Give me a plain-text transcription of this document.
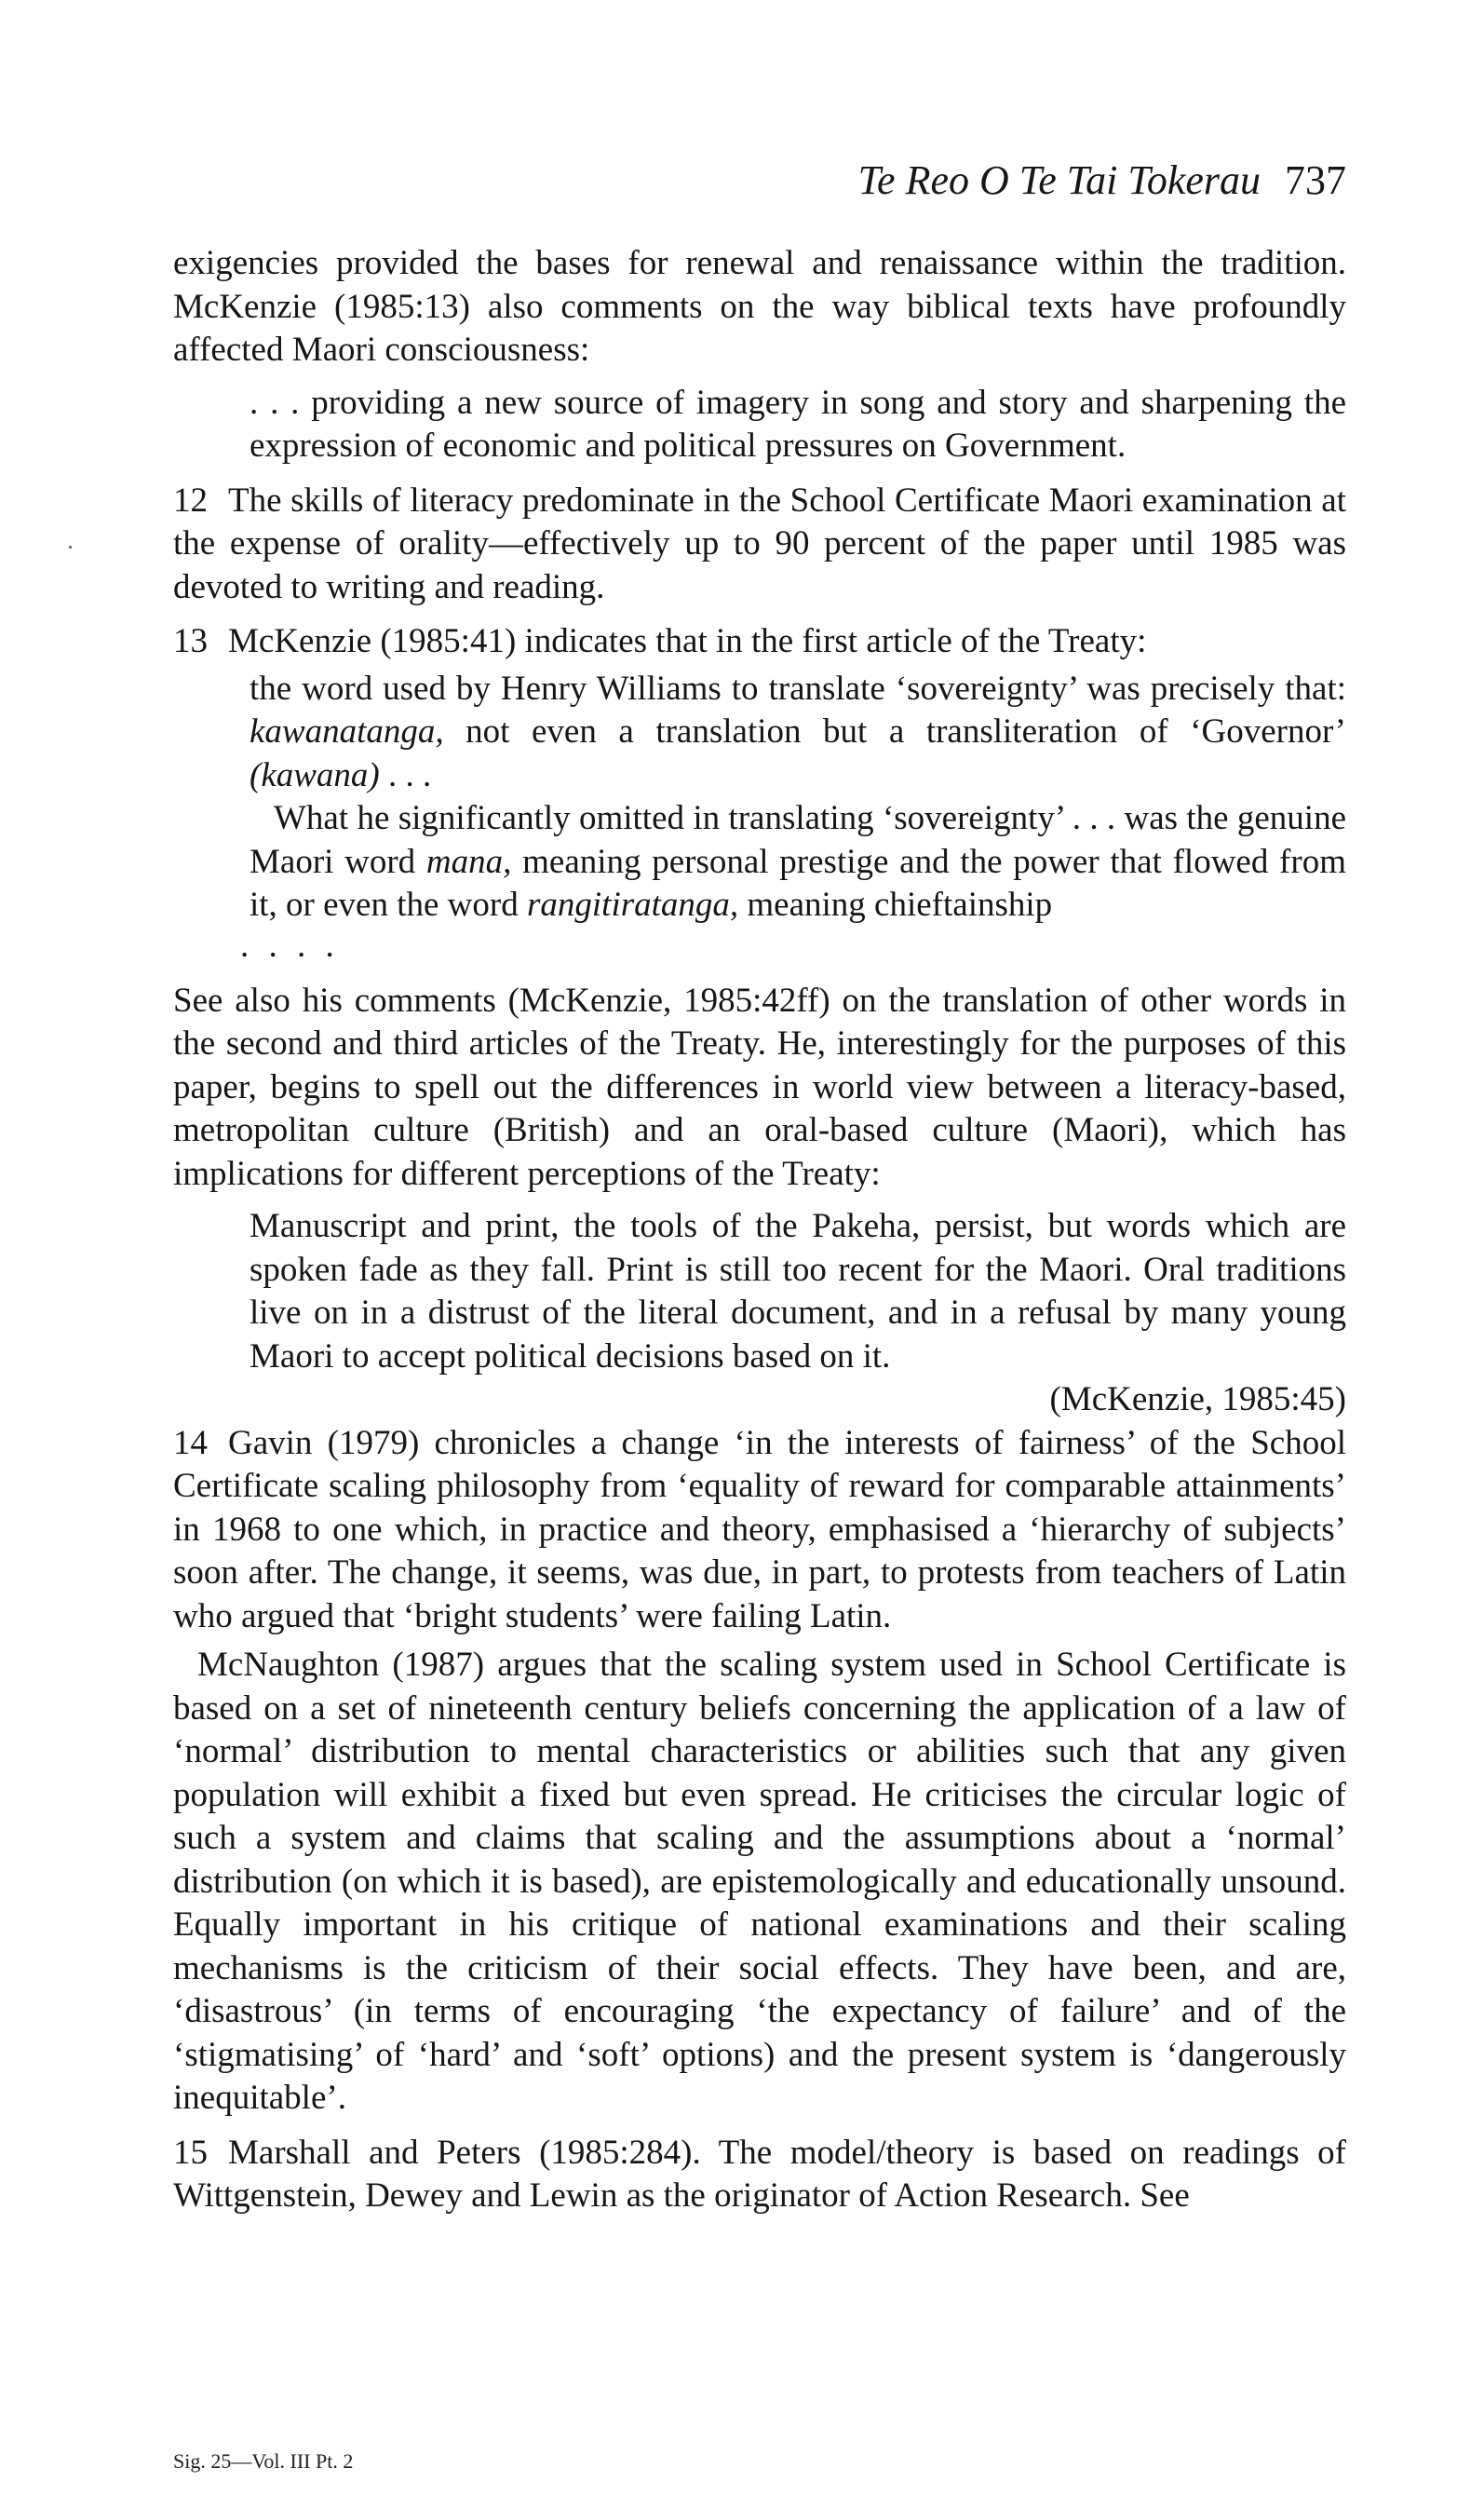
Te Reo O Te Tai Tokerau 737

exigencies provided the bases for renewal and renaissance within the tradition. McKenzie (1985:13) also comments on the way biblical texts have profoundly affected Maori consciousness:

. . . providing a new source of imagery in song and story and sharpening the expression of economic and political pressures on Government.

12 The skills of literacy predominate in the School Certificate Maori examination at the expense of orality—effectively up to 90 percent of the paper until 1985 was devoted to writing and reading.

13 McKenzie (1985:41) indicates that in the first article of the Treaty:

the word used by Henry Williams to translate ‘sovereignty’ was precisely that: kawanatanga, not even a translation but a transliteration of ‘Governor’ (kawana) . . .

What he significantly omitted in translating ‘sovereignty’ . . . was the genuine Maori word mana, meaning personal prestige and the power that flowed from it, or even the word rangitiratanga, meaning chieftainship

. . . .

See also his comments (McKenzie, 1985:42ff) on the translation of other words in the second and third articles of the Treaty. He, interestingly for the purposes of this paper, begins to spell out the differences in world view between a literacy-based, metropolitan culture (British) and an oral-based culture (Maori), which has implications for different perceptions of the Treaty:

Manuscript and print, the tools of the Pakeha, persist, but words which are spoken fade as they fall. Print is still too recent for the Maori. Oral traditions live on in a distrust of the literal document, and in a refusal by many young Maori to accept political decisions based on it.

(McKenzie, 1985:45)

14 Gavin (1979) chronicles a change ‘in the interests of fairness’ of the School Certificate scaling philosophy from ‘equality of reward for comparable attainments’ in 1968 to one which, in practice and theory, emphasised a ‘hierarchy of subjects’ soon after. The change, it seems, was due, in part, to protests from teachers of Latin who argued that ‘bright students’ were failing Latin.

McNaughton (1987) argues that the scaling system used in School Certificate is based on a set of nineteenth century beliefs concerning the application of a law of ‘normal’ distribution to mental characteristics or abilities such that any given population will exhibit a fixed but even spread. He criticises the circular logic of such a system and claims that scaling and the assumptions about a ‘normal’ distribution (on which it is based), are epistemologically and educationally unsound. Equally important in his critique of national examinations and their scaling mechanisms is the criticism of their social effects. They have been, and are, ‘disastrous’ (in terms of encouraging ‘the expectancy of failure’ and of the ‘stigmatising’ of ‘hard’ and ‘soft’ options) and the present system is ‘dangerously inequitable’.

15 Marshall and Peters (1985:284). The model/theory is based on readings of Wittgenstein, Dewey and Lewin as the originator of Action Research. See

Sig. 25—Vol. III Pt. 2
